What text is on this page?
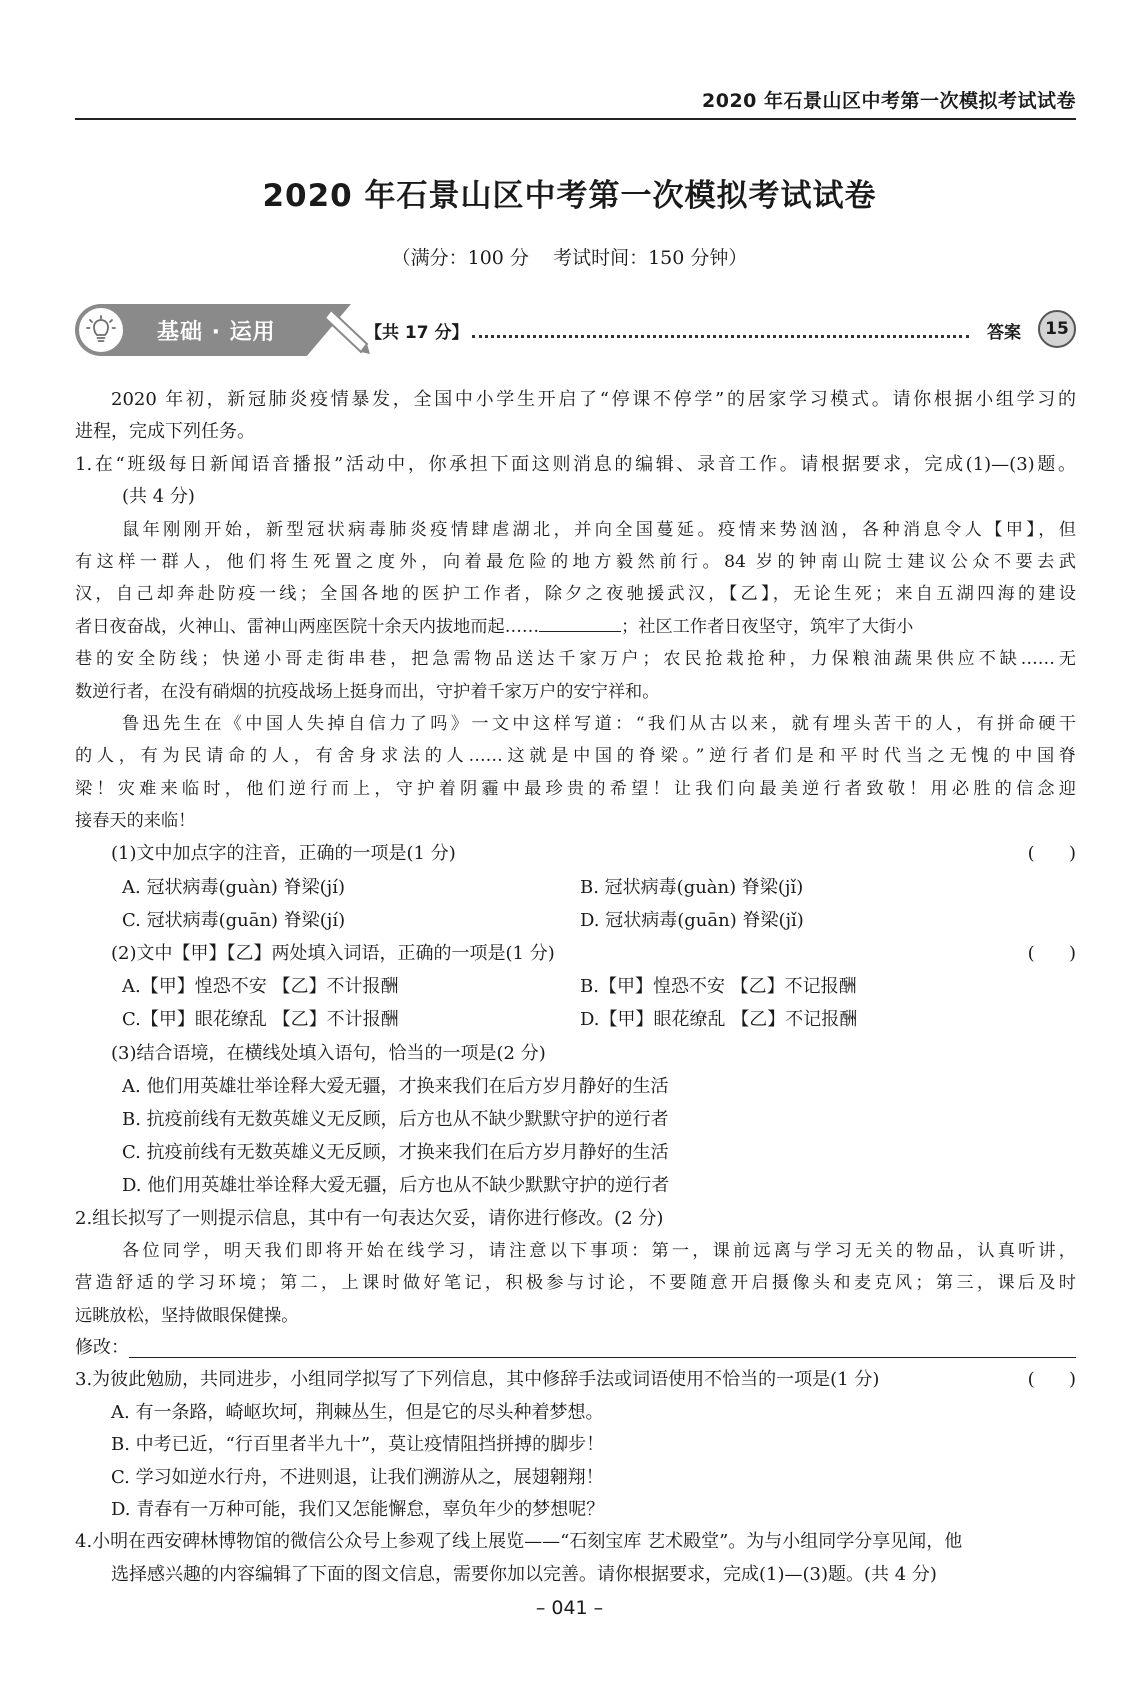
2020 年石景山区中考第一次模拟考试试卷
2020 年石景山区中考第一次模拟考试试卷
（满分：100 分    考试时间：150 分钟）
基础 · 运用	【共 17 分】	答案	15
2020 年初，新冠肺炎疫情暴发，全国中小学生开启了“停课不停学”的居家学习模式。请你根据小组学习的
进程，完成下列任务。
1.在“班级每日新闻语音播报”活动中，你承担下面这则消息的编辑、录音工作。请根据要求，完成(1)—(3)题。
(共 4 分)
鼠年刚刚开始，新型冠状病毒肺炎疫情肆虐湖北，并向全国蔓延。疫情来势汹汹，各种消息令人【甲】，但
有这样一群人，他们将生死置之度外，向着最危险的地方毅然前行。84 岁的钟南山院士建议公众不要去武
汉，自己却奔赴防疫一线；全国各地的医护工作者，除夕之夜驰援武汉，【乙】，无论生死；来自五湖四海的建设
者日夜奋战，火神山、雷神山两座医院十余天内拔地而起……	；社区工作者日夜坚守，筑牢了大街小
巷的安全防线；快递小哥走街串巷，把急需物品送达千家万户；农民抢栽抢种，力保粮油蔬果供应不缺……无
数逆行者，在没有硝烟的抗疫战场上挺身而出，守护着千家万户的安宁祥和。
鲁迅先生在《中国人失掉自信力了吗》一文中这样写道：“我们从古以来，就有埋头苦干的人，有拼命硬干
的人，有为民请命的人，有舍身求法的人……这就是中国的脊梁。”逆行者们是和平时代当之无愧的中国脊
梁！灾难来临时，他们逆行而上，守护着阴霾中最珍贵的希望！让我们向最美逆行者致敬！用必胜的信念迎
接春天的来临！
(1)文中加点字的注音，正确的一项是(1 分)	(      )
A. 冠状病毒(guàn) 脊梁(jí)	B. 冠状病毒(guàn) 脊梁(jǐ)
C. 冠状病毒(guān) 脊梁(jí)	D. 冠状病毒(guān) 脊梁(jǐ)
(2)文中【甲】【乙】两处填入词语，正确的一项是(1 分)	(      )
A.【甲】惶恐不安 【乙】不计报酬	B.【甲】惶恐不安 【乙】不记报酬
C.【甲】眼花缭乱 【乙】不计报酬	D.【甲】眼花缭乱 【乙】不记报酬
(3)结合语境，在横线处填入语句，恰当的一项是(2 分)
A. 他们用英雄壮举诠释大爱无疆，才换来我们在后方岁月静好的生活
B. 抗疫前线有无数英雄义无反顾，后方也从不缺少默默守护的逆行者
C. 抗疫前线有无数英雄义无反顾，才换来我们在后方岁月静好的生活
D. 他们用英雄壮举诠释大爱无疆，后方也从不缺少默默守护的逆行者
2.组长拟写了一则提示信息，其中有一句表达欠妥，请你进行修改。(2 分)
各位同学，明天我们即将开始在线学习，请注意以下事项：第一，课前远离与学习无关的物品，认真听讲，
营造舒适的学习环境；第二，上课时做好笔记，积极参与讨论，不要随意开启摄像头和麦克风；第三，课后及时
远眺放松，坚持做眼保健操。
修改：
3.为彼此勉励，共同进步，小组同学拟写了下列信息，其中修辞手法或词语使用不恰当的一项是(1 分)	(      )
A. 有一条路，崎岖坎坷，荆棘丛生，但是它的尽头种着梦想。
B. 中考已近，“行百里者半九十”，莫让疫情阻挡拼搏的脚步！
C. 学习如逆水行舟，不进则退，让我们溯游从之，展翅翱翔！
D. 青春有一万种可能，我们又怎能懈怠，辜负年少的梦想呢？
4.小明在西安碑林博物馆的微信公众号上参观了线上展览——“石刻宝库 艺术殿堂”。为与小组同学分享见闻，他
选择感兴趣的内容编辑了下面的图文信息，需要你加以完善。请你根据要求，完成(1)—(3)题。(共 4 分)
– 041 –
